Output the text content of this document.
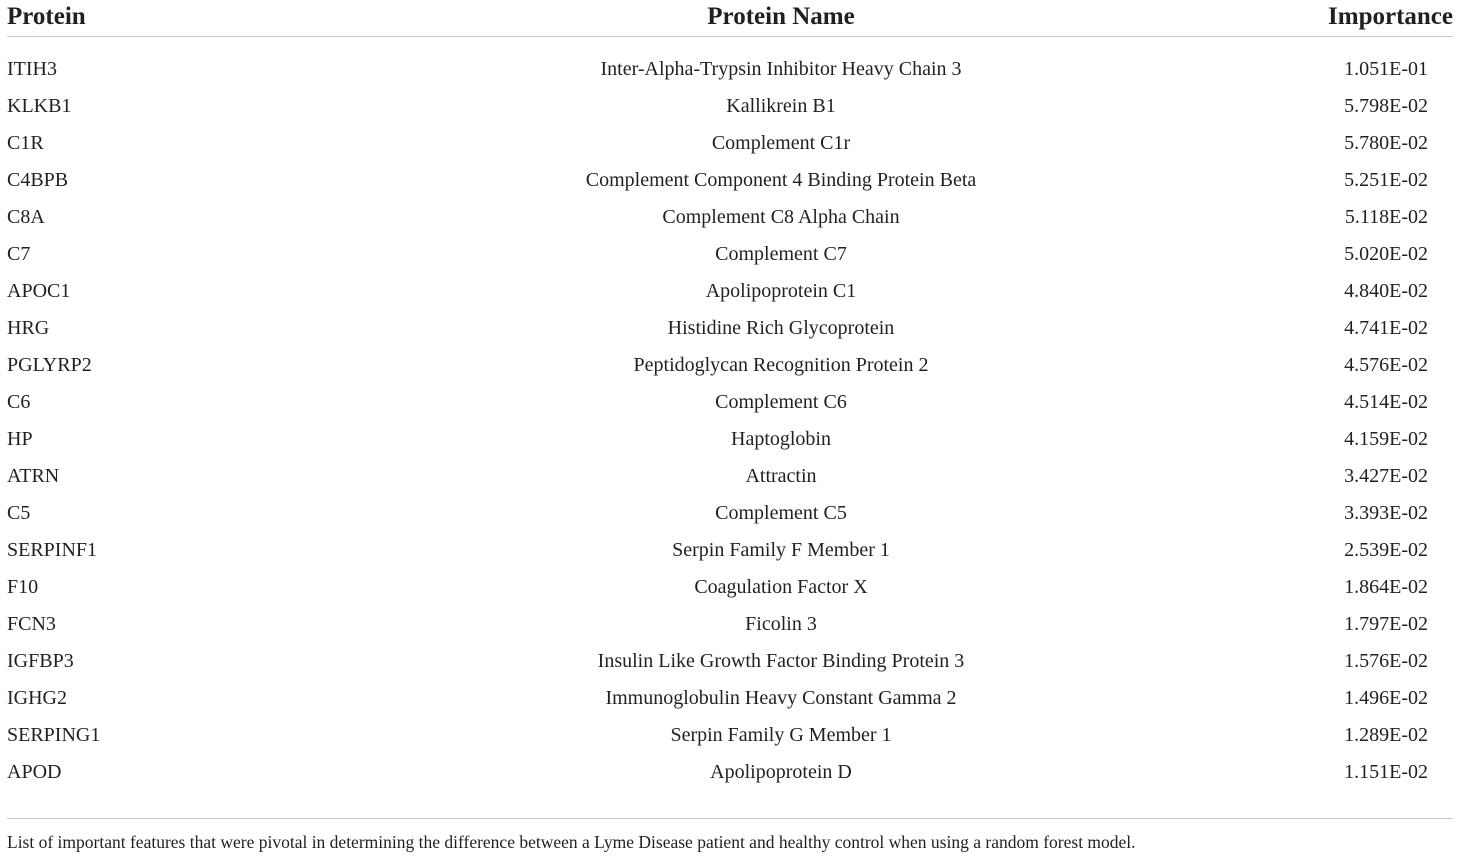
Protein	Protein Name	Importance

ITIH3	Inter-Alpha-Trypsin Inhibitor Heavy Chain 3	1.051E-01
KLKB1	Kallikrein B1	5.798E-02
C1R	Complement C1r	5.780E-02
C4BPB	Complement Component 4 Binding Protein Beta	5.251E-02
C8A	Complement C8 Alpha Chain	5.118E-02
C7	Complement C7	5.020E-02
APOC1	Apolipoprotein C1	4.840E-02
HRG	Histidine Rich Glycoprotein	4.741E-02
PGLYRP2	Peptidoglycan Recognition Protein 2	4.576E-02
C6	Complement C6	4.514E-02
HP	Haptoglobin	4.159E-02
ATRN	Attractin	3.427E-02
C5	Complement C5	3.393E-02
SERPINF1	Serpin Family F Member 1	2.539E-02
F10	Coagulation Factor X	1.864E-02
FCN3	Ficolin 3	1.797E-02
IGFBP3	Insulin Like Growth Factor Binding Protein 3	1.576E-02
IGHG2	Immunoglobulin Heavy Constant Gamma 2	1.496E-02
SERPING1	Serpin Family G Member 1	1.289E-02
APOD	Apolipoprotein D	1.151E-02
List of important features that were pivotal in determining the difference between a Lyme Disease patient and healthy control when using a random forest model.
